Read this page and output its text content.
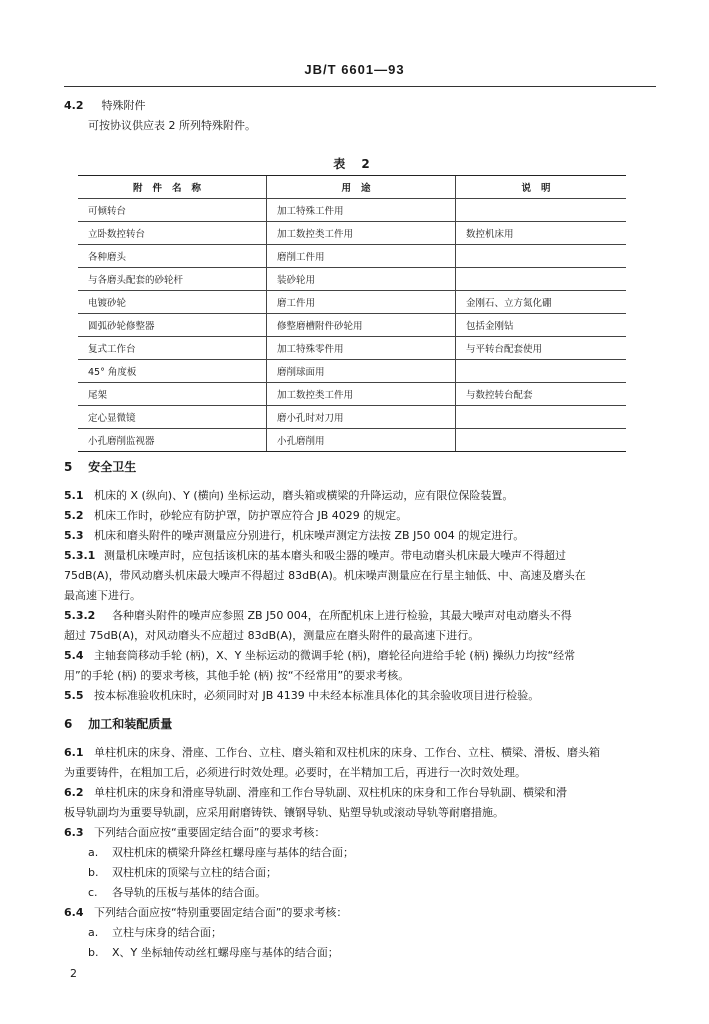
JB/T 6601—93
4.2 特殊附件
可按协议供应表 2 所列特殊附件。
表 2
附件名称	用途	说明
可倾转台	加工特殊工件用	
立卧数控转台	加工数控类工件用	数控机床用
各种磨头	磨削工件用	
与各磨头配套的砂轮杆	装砂轮用	
电镀砂轮	磨工件用	金刚石、立方氮化硼
圆弧砂轮修整器	修整磨槽附件砂轮用	包括金刚钻
复式工作台	加工特殊零件用	与平转台配套使用
45° 角度板	磨削球面用	
尾架	加工数控类工件用	与数控转台配套
定心显微镜	磨小孔时对刀用	
小孔磨削监视器	小孔磨削用	
5 安全卫生
5.1 机床的 X (纵向)、Y (横向) 坐标运动，磨头箱或横梁的升降运动，应有限位保险装置。
5.2 机床工作时，砂轮应有防护罩，防护罩应符合 JB 4029 的规定。
5.3 机床和磨头附件的噪声测量应分别进行，机床噪声测定方法按 ZB J50 004 的规定进行。
5.3.1 测量机床噪声时，应包括该机床的基本磨头和吸尘器的噪声。带电动磨头机床最大噪声不得超过
75dB(A)，带风动磨头机床最大噪声不得超过 83dB(A)。机床噪声测量应在行星主轴低、中、高速及磨头在
最高速下进行。
5.3.2 各种磨头附件的噪声应参照 ZB J50 004，在所配机床上进行检验，其最大噪声对电动磨头不得
超过 75dB(A)，对风动磨头不应超过 83dB(A)，测量应在磨头附件的最高速下进行。
5.4 主轴套筒移动手轮 (柄)，X、Y 坐标运动的微调手轮 (柄)，磨轮径向进给手轮 (柄) 操纵力均按“经常
用”的手轮 (柄) 的要求考核，其他手轮 (柄) 按“不经常用”的要求考核。
5.5 按本标准验收机床时，必须同时对 JB 4139 中未经本标准具体化的其余验收项目进行检验。
6 加工和装配质量
6.1 单柱机床的床身、滑座、工作台、立柱、磨头箱和双柱机床的床身、工作台、立柱、横梁、滑板、磨头箱
为重要铸件，在粗加工后，必须进行时效处理。必要时，在半精加工后，再进行一次时效处理。
6.2 单柱机床的床身和滑座导轨副、滑座和工作台导轨副、双柱机床的床身和工作台导轨副、横梁和滑
板导轨副均为重要导轨副，应采用耐磨铸铁、镶钢导轨、贴塑导轨或滚动导轨等耐磨措施。
6.3 下列结合面应按“重要固定结合面”的要求考核：
a. 双柱机床的横梁升降丝杠螺母座与基体的结合面；
b. 双柱机床的顶梁与立柱的结合面；
c. 各导轨的压板与基体的结合面。
6.4 下列结合面应按“特别重要固定结合面”的要求考核：
a. 立柱与床身的结合面；
b. X、Y 坐标轴传动丝杠螺母座与基体的结合面；
2
